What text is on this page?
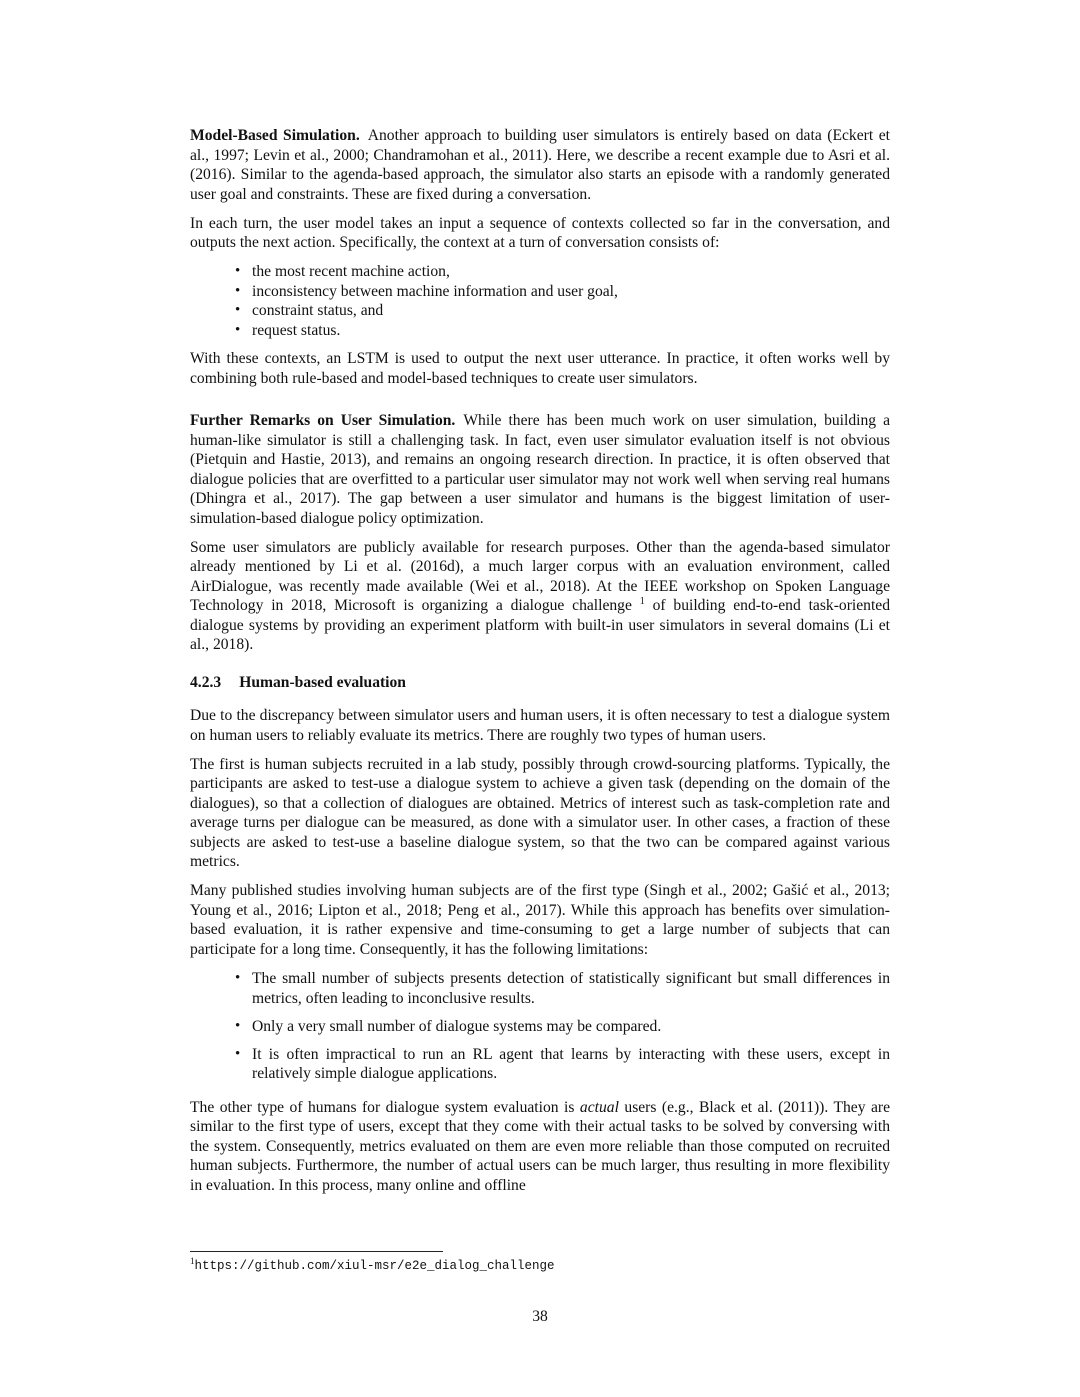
Model-Based Simulation. Another approach to building user simulators is entirely based on data (Eckert et al., 1997; Levin et al., 2000; Chandramohan et al., 2011). Here, we describe a recent example due to Asri et al. (2016). Similar to the agenda-based approach, the simulator also starts an episode with a randomly generated user goal and constraints. These are fixed during a conversation.

In each turn, the user model takes an input a sequence of contexts collected so far in the conversation, and outputs the next action. Specifically, the context at a turn of conversation consists of:

• the most recent machine action,
• inconsistency between machine information and user goal,
• constraint status, and
• request status.

With these contexts, an LSTM is used to output the next user utterance. In practice, it often works well by combining both rule-based and model-based techniques to create user simulators.

Further Remarks on User Simulation. While there has been much work on user simulation, building a human-like simulator is still a challenging task. In fact, even user simulator evaluation itself is not obvious (Pietquin and Hastie, 2013), and remains an ongoing research direction. In practice, it is often observed that dialogue policies that are overfitted to a particular user simulator may not work well when serving real humans (Dhingra et al., 2017). The gap between a user simulator and humans is the biggest limitation of user-simulation-based dialogue policy optimization.

Some user simulators are publicly available for research purposes. Other than the agenda-based simulator already mentioned by Li et al. (2016d), a much larger corpus with an evaluation environment, called AirDialogue, was recently made available (Wei et al., 2018). At the IEEE workshop on Spoken Language Technology in 2018, Microsoft is organizing a dialogue challenge $^1$ of building end-to-end task-oriented dialogue systems by providing an experiment platform with built-in user simulators in several domains (Li et al., 2018).

4.2.3 Human-based evaluation

Due to the discrepancy between simulator users and human users, it is often necessary to test a dialogue system on human users to reliably evaluate its metrics. There are roughly two types of human users.

The first is human subjects recruited in a lab study, possibly through crowd-sourcing platforms. Typically, the participants are asked to test-use a dialogue system to achieve a given task (depending on the domain of the dialogues), so that a collection of dialogues are obtained. Metrics of interest such as task-completion rate and average turns per dialogue can be measured, as done with a simulator user. In other cases, a fraction of these subjects are asked to test-use a baseline dialogue system, so that the two can be compared against various metrics.

Many published studies involving human subjects are of the first type (Singh et al., 2002; Gašić et al., 2013; Young et al., 2016; Lipton et al., 2018; Peng et al., 2017). While this approach has benefits over simulation-based evaluation, it is rather expensive and time-consuming to get a large number of subjects that can participate for a long time. Consequently, it has the following limitations:

• The small number of subjects presents detection of statistically significant but small differences in metrics, often leading to inconclusive results.
• Only a very small number of dialogue systems may be compared.
• It is often impractical to run an RL agent that learns by interacting with these users, except in relatively simple dialogue applications.

The other type of humans for dialogue system evaluation is actual users (e.g., Black et al. (2011)). They are similar to the first type of users, except that they come with their actual tasks to be solved by conversing with the system. Consequently, metrics evaluated on them are even more reliable than those computed on recruited human subjects. Furthermore, the number of actual users can be much larger, thus resulting in more flexibility in evaluation. In this process, many online and offline

$^1$https://github.com/xiul-msr/e2e_dialog_challenge
38
